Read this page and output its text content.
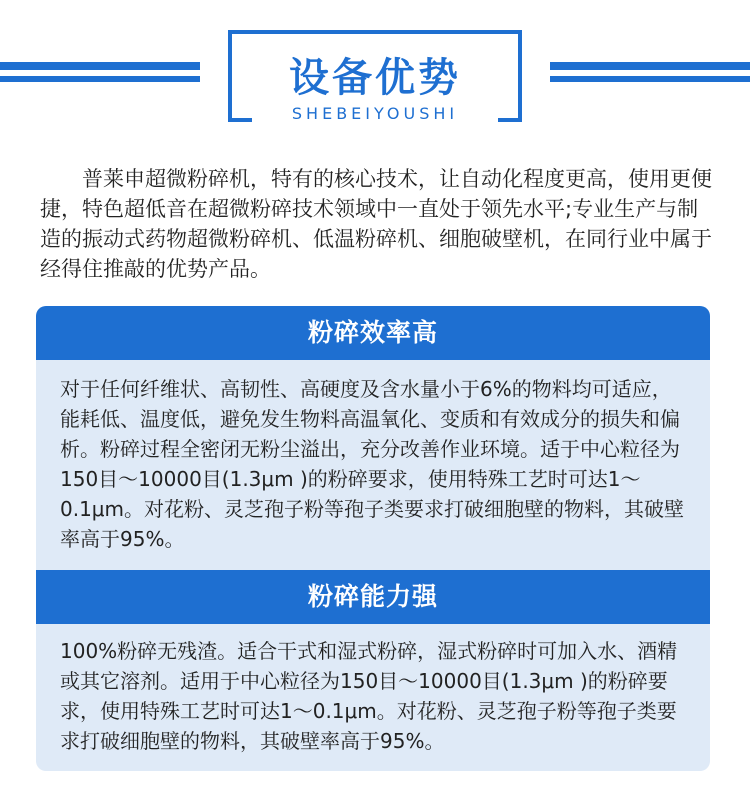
设备优势
SHEBEIYOUSHI

普莱申超微粉碎机，特有的核心技术，让自动化程度更高，使用更便捷，特色超低音在超微粉碎技术领域中一直处于领先水平;专业生产与制造的振动式药物超微粉碎机、低温粉碎机、细胞破壁机，在同行业中属于经得住推敲的优势产品。

粉碎效率高
对于任何纤维状、高韧性、高硬度及含水量小于6%的物料均可适应，能耗低、温度低，避免发生物料高温氧化、变质和有效成分的损失和偏析。粉碎过程全密闭无粉尘溢出，充分改善作业环境。适于中心粒径为150目～10000目(1.3μm )的粉碎要求，使用特殊工艺时可达1～0.1μm。对花粉、灵芝孢子粉等孢子类要求打破细胞壁的物料，其破壁率高于95%。
粉碎能力强
100%粉碎无残渣。适合干式和湿式粉碎，湿式粉碎时可加入水、酒精或其它溶剂。适用于中心粒径为150目～10000目(1.3μm )的粉碎要求，使用特殊工艺时可达1～0.1μm。对花粉、灵芝孢子粉等孢子类要求打破细胞壁的物料，其破壁率高于95%。
